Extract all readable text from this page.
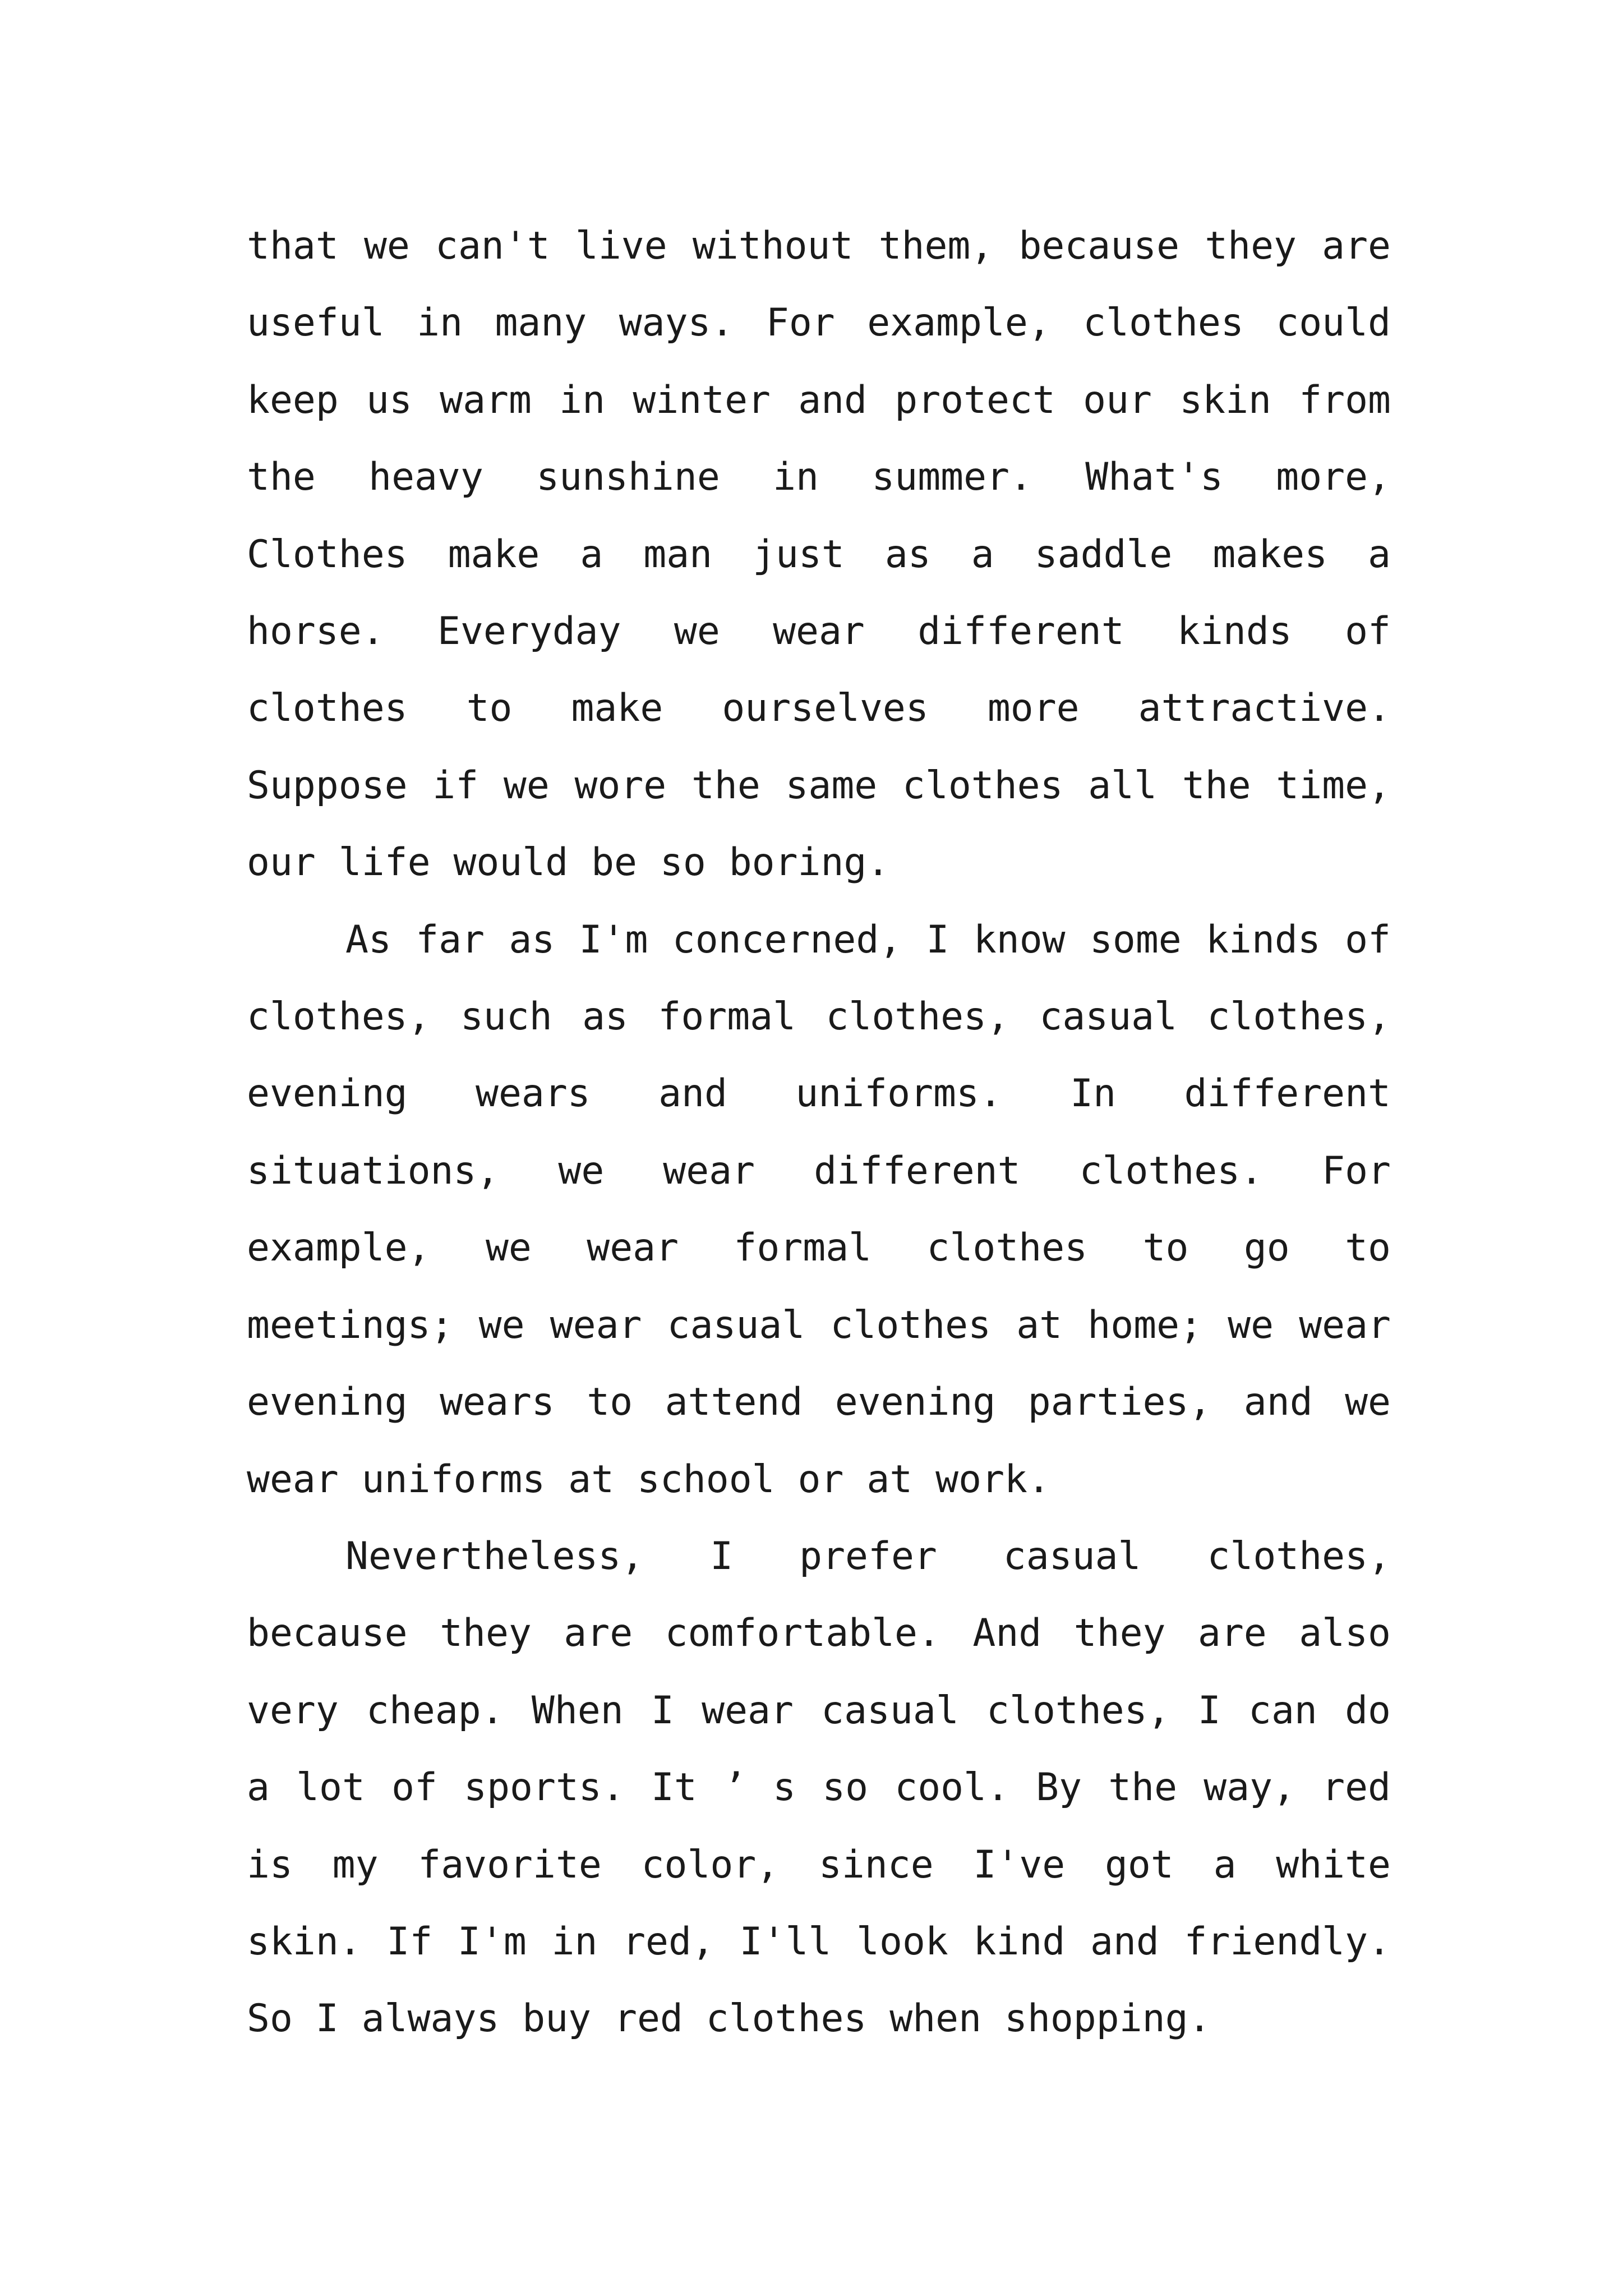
that we can't live without them, because they are useful in many ways. For example, clothes could keep us warm in winter and protect our skin from the heavy sunshine in summer. What's more, Clothes make a man just as a saddle makes a horse. Everyday we wear different kinds of clothes to make ourselves more attractive. Suppose if we wore the same clothes all the time, our life would be so boring.

As far as I'm concerned, I know some kinds of clothes, such as formal clothes, casual clothes, evening wears and uniforms. In different situations, we wear different clothes. For example, we wear formal clothes to go to meetings; we wear casual clothes at home; we wear evening wears to attend evening parties, and we wear uniforms at school or at work.

Nevertheless, I prefer casual clothes, because they are comfortable. And they are also very cheap. When I wear casual clothes, I can do a lot of sports. It ’ s so cool. By the way, red is my favorite color, since I've got a white skin. If I'm in red, I'll look kind and friendly. So I always buy red clothes when shopping.
